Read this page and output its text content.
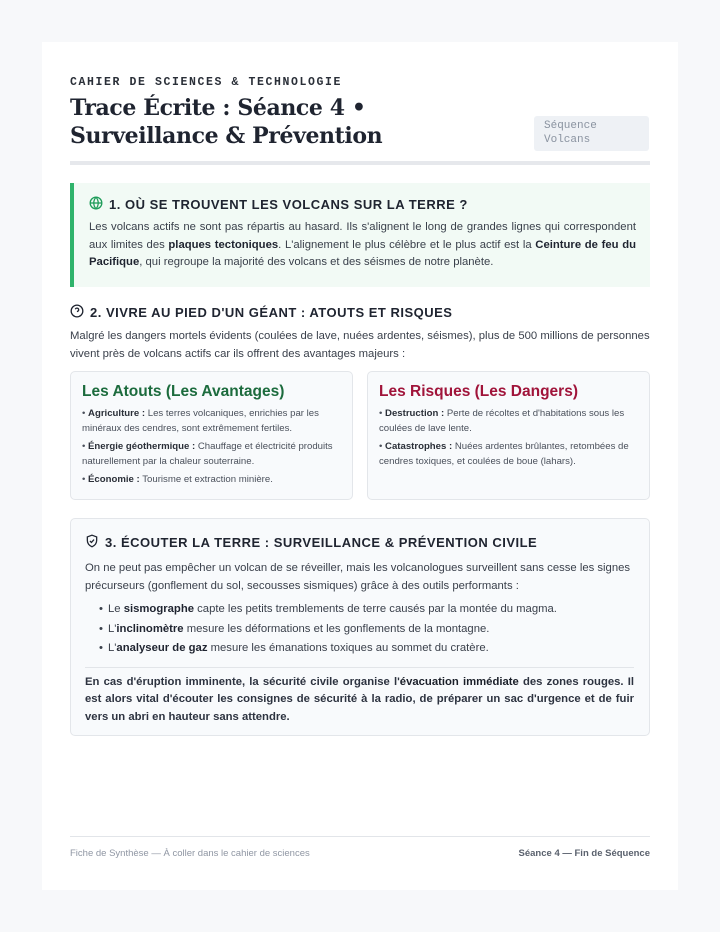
CAHIER DE SCIENCES & TECHNOLOGIE
Trace Écrite : Séance 4 • Surveillance & Prévention	Séquence
Volcans
1. OÙ SE TROUVENT LES VOLCANS SUR LA TERRE ?
Les volcans actifs ne sont pas répartis au hasard. Ils s'alignent le long de grandes lignes qui correspondent aux limites des plaques tectoniques. L'alignement le plus célèbre et le plus actif est la Ceinture de feu du Pacifique, qui regroupe la majorité des volcans et des séismes de notre planète.
2. VIVRE AU PIED D'UN GÉANT : ATOUTS ET RISQUES
Malgré les dangers mortels évidents (coulées de lave, nuées ardentes, séismes), plus de 500 millions de personnes vivent près de volcans actifs car ils offrent des avantages majeurs :
Les Atouts (Les Avantages)
• Agriculture : Les terres volcaniques, enrichies par les minéraux des cendres, sont extrêmement fertiles.
• Énergie géothermique : Chauffage et électricité produits naturellement par la chaleur souterraine.
• Économie : Tourisme et extraction minière.
Les Risques (Les Dangers)
• Destruction : Perte de récoltes et d'habitations sous les coulées de lave lente.
• Catastrophes : Nuées ardentes brûlantes, retombées de cendres toxiques, et coulées de boue (lahars).
3. ÉCOUTER LA TERRE : SURVEILLANCE & PRÉVENTION CIVILE
On ne peut pas empêcher un volcan de se réveiller, mais les volcanologues surveillent sans cesse les signes précurseurs (gonflement du sol, secousses sismiques) grâce à des outils performants :
• Le sismographe capte les petits tremblements de terre causés par la montée du magma.
• L'inclinomètre mesure les déformations et les gonflements de la montagne.
• L'analyseur de gaz mesure les émanations toxiques au sommet du cratère.
En cas d'éruption imminente, la sécurité civile organise l'évacuation immédiate des zones rouges. Il est alors vital d'écouter les consignes de sécurité à la radio, de préparer un sac d'urgence et de fuir vers un abri en hauteur sans attendre.
Fiche de Synthèse — À coller dans le cahier de sciences	Séance 4 — Fin de Séquence
